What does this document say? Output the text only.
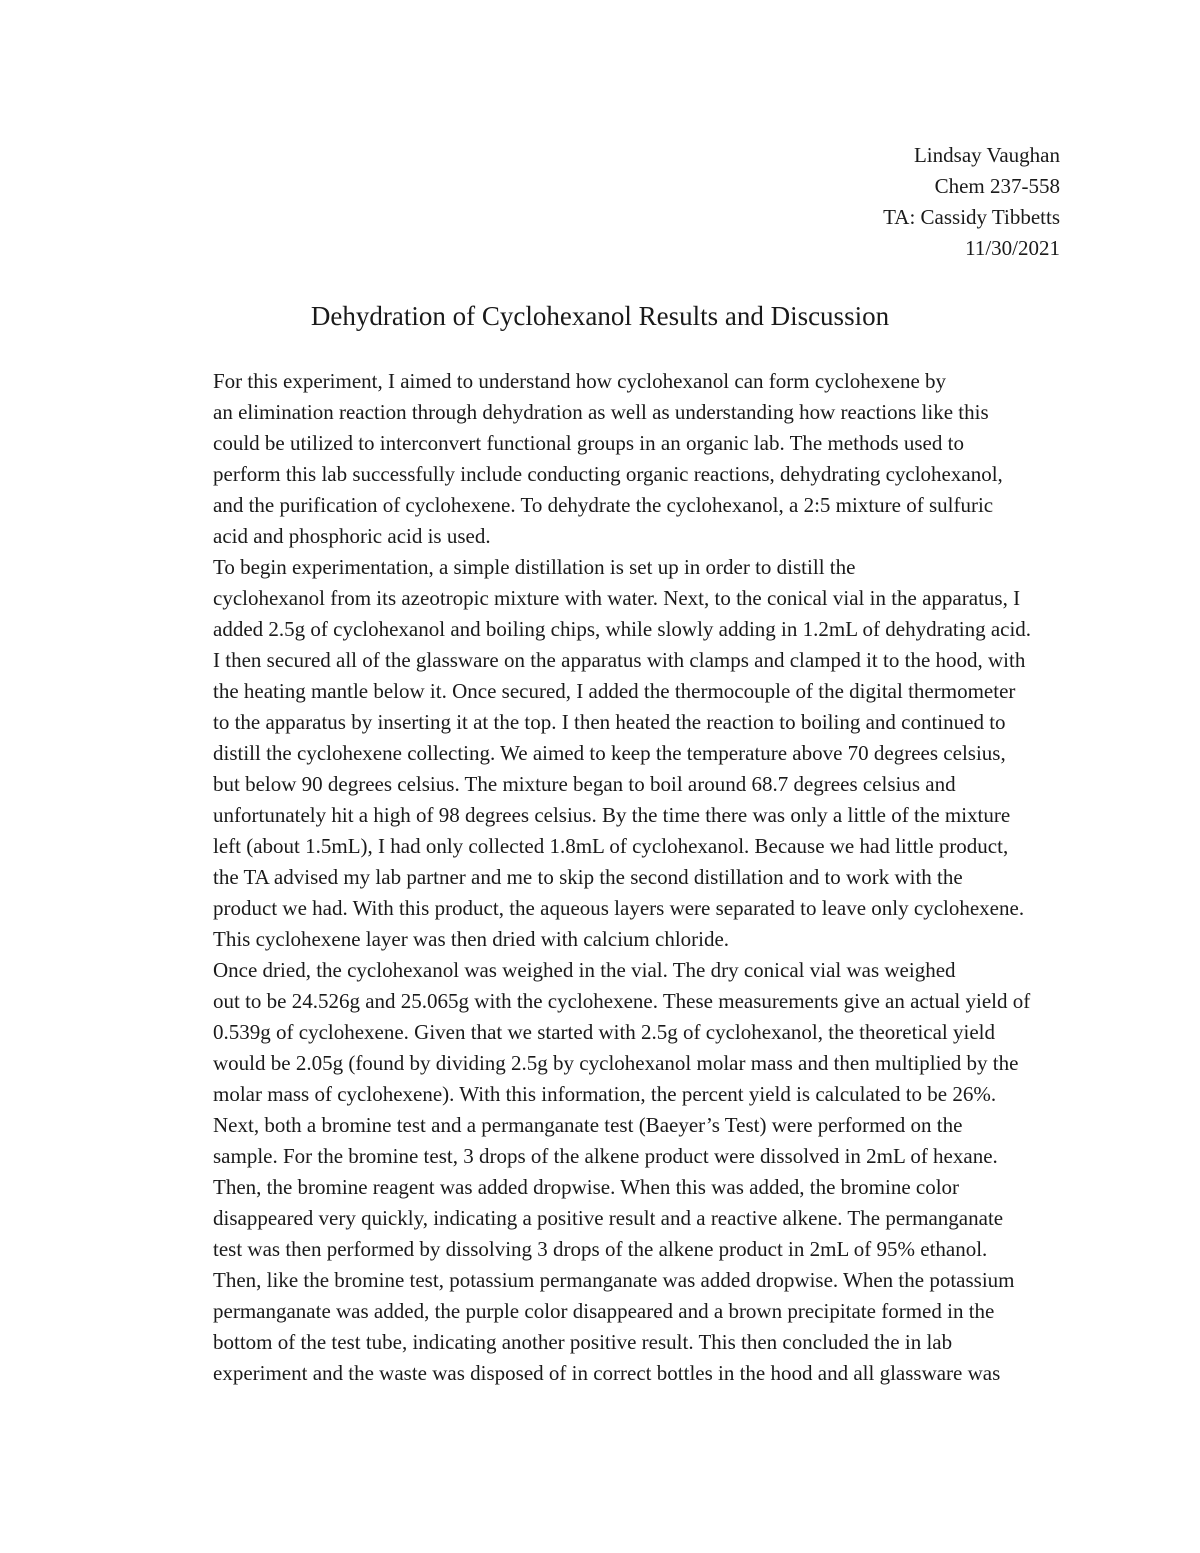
Lindsay Vaughan
Chem 237-558
TA: Cassidy Tibbetts
11/30/2021
Dehydration of Cyclohexanol Results and Discussion

For this experiment, I aimed to understand how cyclohexanol can form cyclohexene by
an elimination reaction through dehydration as well as understanding how reactions like this
could be utilized to interconvert functional groups in an organic lab. The methods used to
perform this lab successfully include conducting organic reactions, dehydrating cyclohexanol,
and the purification of cyclohexene. To dehydrate the cyclohexanol, a 2:5 mixture of sulfuric
acid and phosphoric acid is used.

To begin experimentation, a simple distillation is set up in order to distill the
cyclohexanol from its azeotropic mixture with water. Next, to the conical vial in the apparatus, I
added 2.5g of cyclohexanol and boiling chips, while slowly adding in 1.2mL of dehydrating acid.
I then secured all of the glassware on the apparatus with clamps and clamped it to the hood, with
the heating mantle below it. Once secured, I added the thermocouple of the digital thermometer
to the apparatus by inserting it at the top. I then heated the reaction to boiling and continued to
distill the cyclohexene collecting. We aimed to keep the temperature above 70 degrees celsius,
but below 90 degrees celsius. The mixture began to boil around 68.7 degrees celsius and
unfortunately hit a high of 98 degrees celsius. By the time there was only a little of the mixture
left (about 1.5mL), I had only collected 1.8mL of cyclohexanol. Because we had little product,
the TA advised my lab partner and me to skip the second distillation and to work with the
product we had. With this product, the aqueous layers were separated to leave only cyclohexene.
This cyclohexene layer was then dried with calcium chloride.

Once dried, the cyclohexanol was weighed in the vial. The dry conical vial was weighed
out to be 24.526g and 25.065g with the cyclohexene. These measurements give an actual yield of
0.539g of cyclohexene. Given that we started with 2.5g of cyclohexanol, the theoretical yield
would be 2.05g (found by dividing 2.5g by cyclohexanol molar mass and then multiplied by the
molar mass of cyclohexene). With this information, the percent yield is calculated to be 26%.
Next, both a bromine test and a permanganate test (Baeyer’s Test) were performed on the
sample. For the bromine test, 3 drops of the alkene product were dissolved in 2mL of hexane.
Then, the bromine reagent was added dropwise. When this was added, the bromine color
disappeared very quickly, indicating a positive result and a reactive alkene. The permanganate
test was then performed by dissolving 3 drops of the alkene product in 2mL of 95% ethanol.
Then, like the bromine test, potassium permanganate was added dropwise. When the potassium
permanganate was added, the purple color disappeared and a brown precipitate formed in the
bottom of the test tube, indicating another positive result. This then concluded the in lab
experiment and the waste was disposed of in correct bottles in the hood and all glassware was
